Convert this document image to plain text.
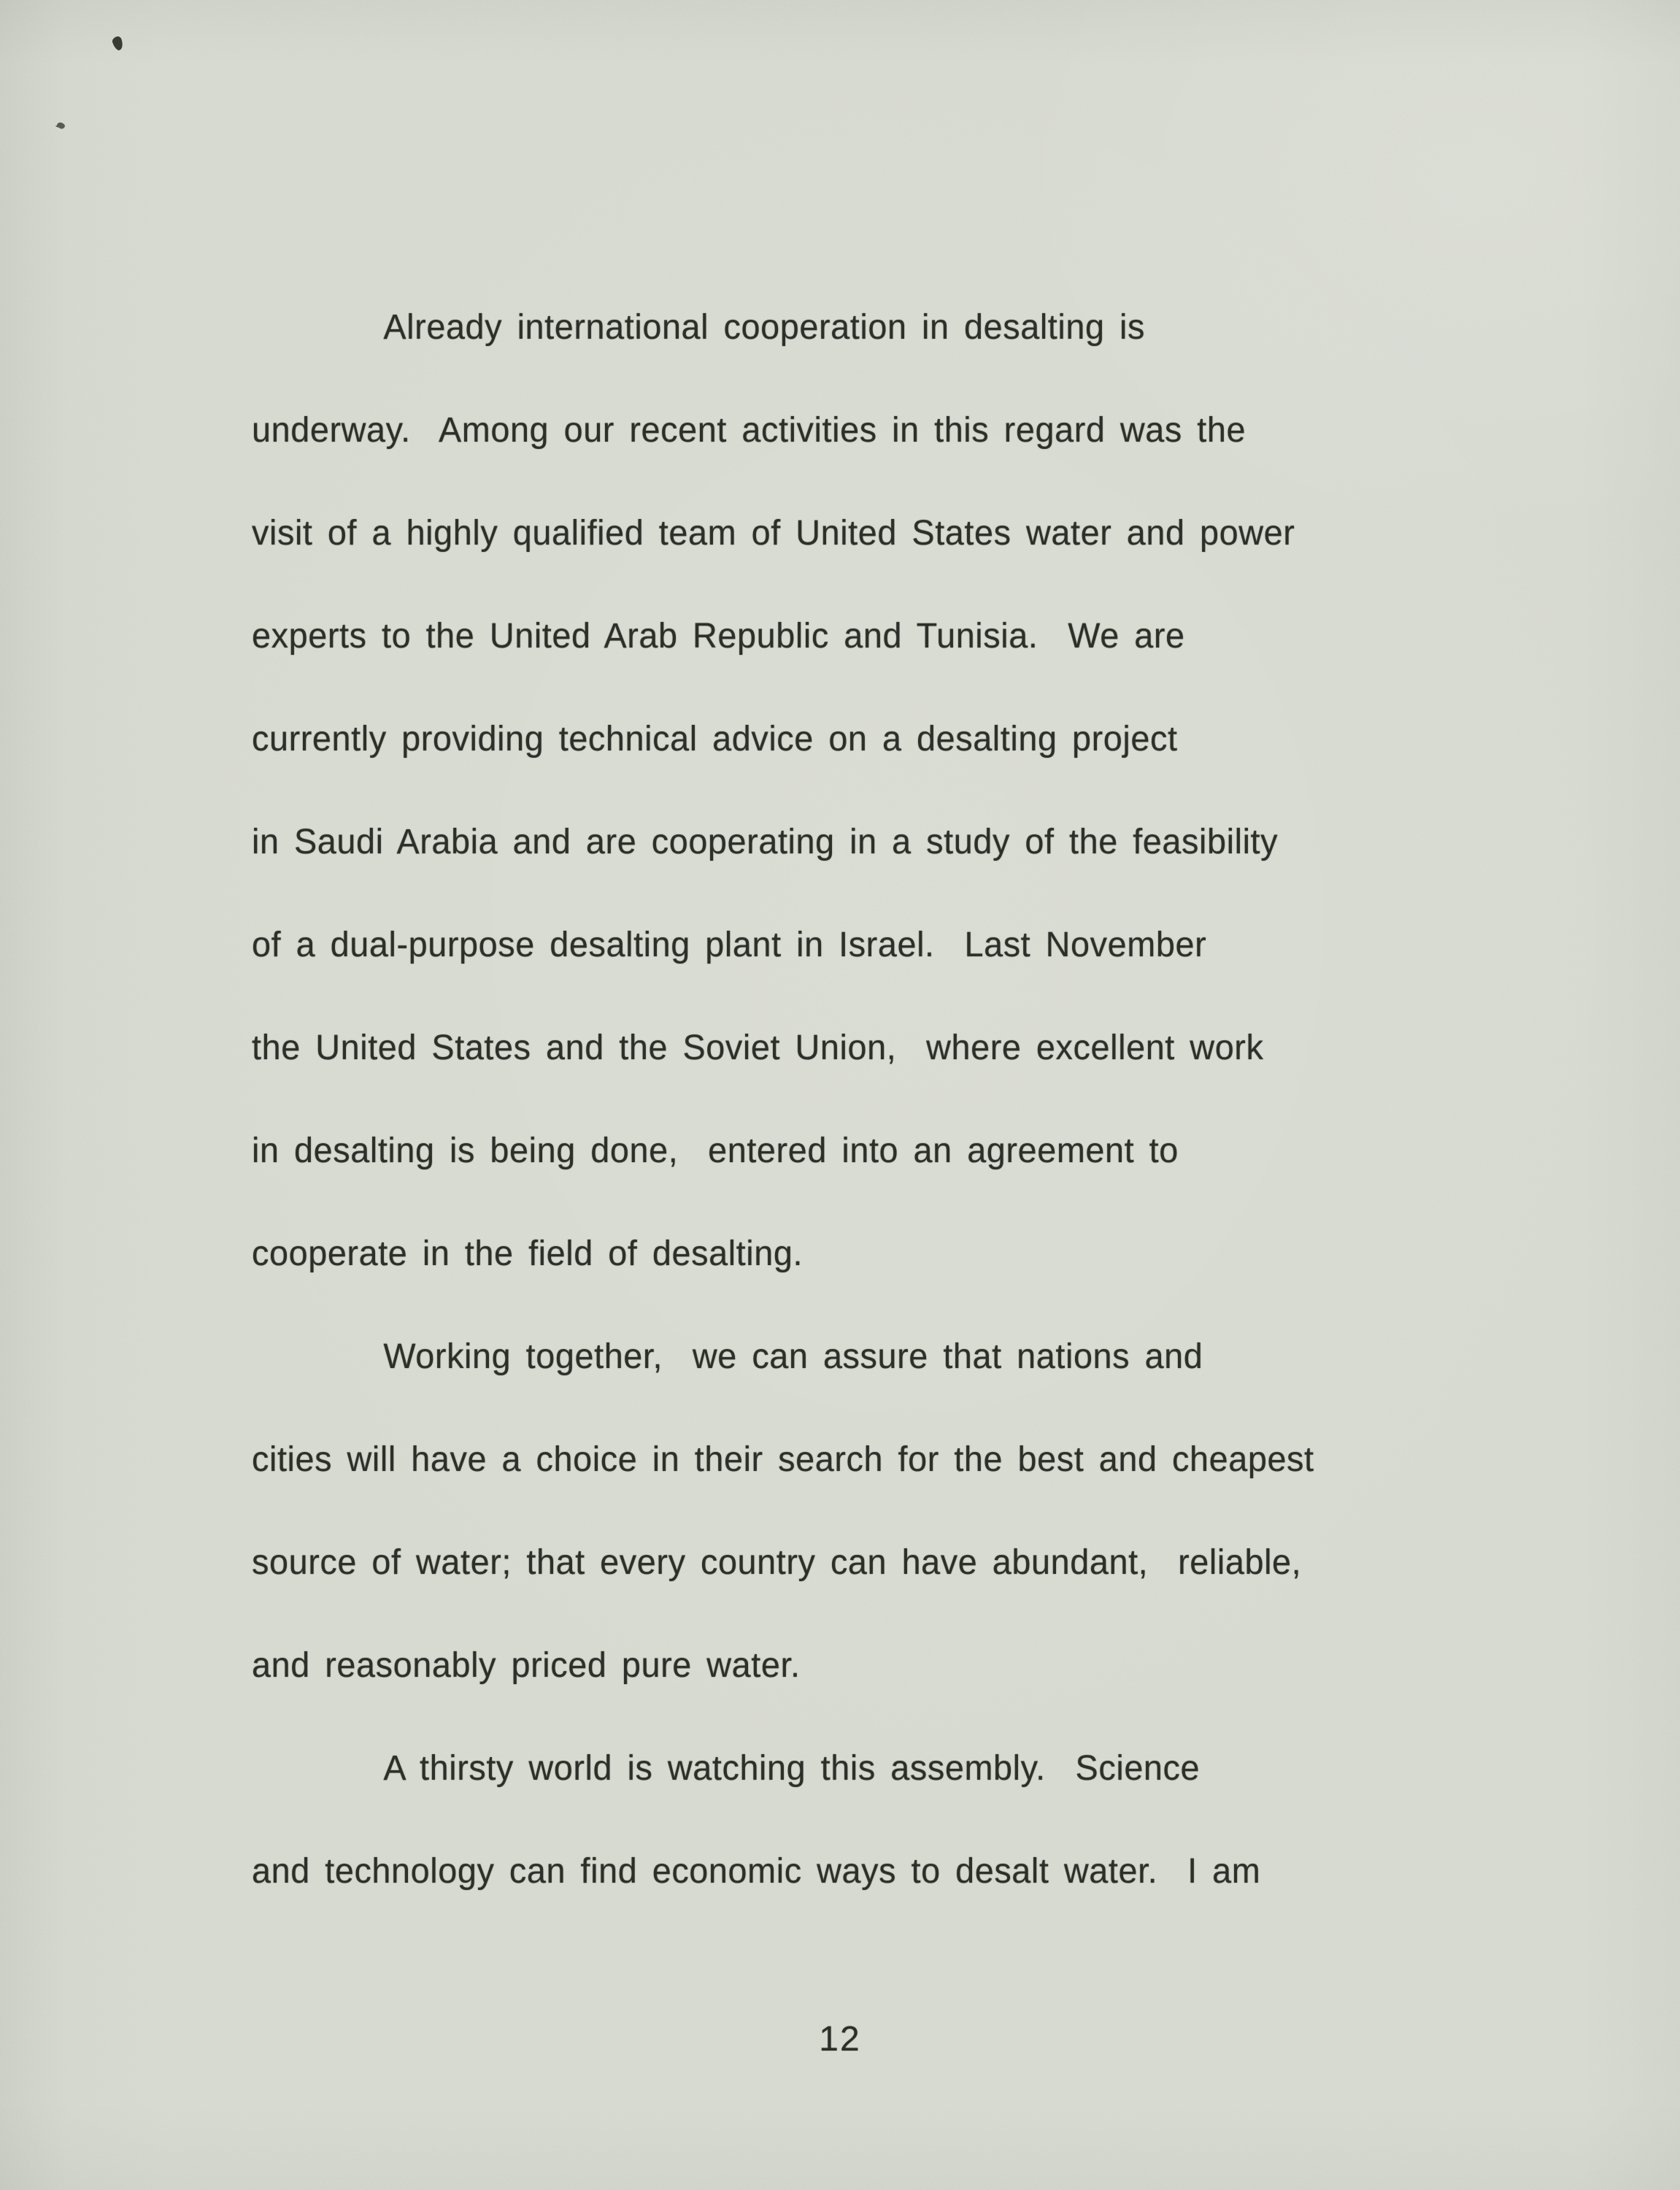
Already international cooperation in desalting is
underway.  Among our recent activities in this regard was the
visit of a highly qualified team of United States water and power
experts to the United Arab Republic and Tunisia.  We are
currently providing technical advice on a desalting project
in Saudi Arabia and are cooperating in a study of the feasibility
of a dual-purpose desalting plant in Israel.  Last November
the United States and the Soviet Union,  where excellent work
in desalting is being done,  entered into an agreement to
cooperate in the field of desalting.
Working together,  we can assure that nations and
cities will have a choice in their search for the best and cheapest
source of water; that every country can have abundant,  reliable,
and reasonably priced pure water.
A thirsty world is watching this assembly.  Science
and technology can find economic ways to desalt water.  I am
12
